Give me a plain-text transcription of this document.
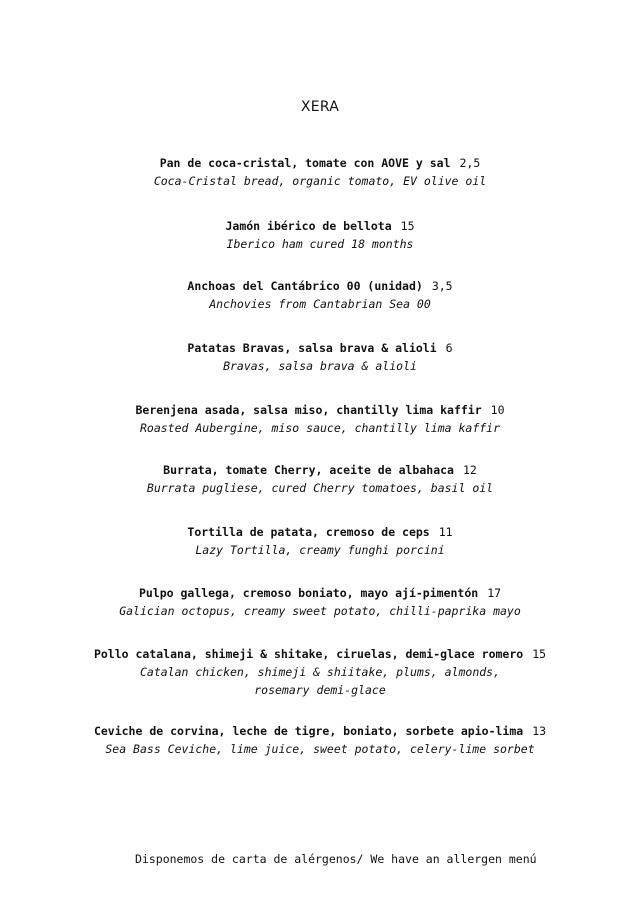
XERA
Pan de coca-cristal, tomate con AOVE y sal 2,5
Coca-Cristal bread, organic tomato, EV olive oil
Jamón ibérico de bellota 15
Iberico ham cured 18 months
Anchoas del Cantábrico 00 (unidad) 3,5
Anchovies from Cantabrian Sea 00
Patatas Bravas, salsa brava & alioli 6
Bravas, salsa brava & alioli
Berenjena asada, salsa miso, chantilly lima kaffir 10
Roasted Aubergine, miso sauce, chantilly lima kaffir
Burrata, tomate Cherry, aceite de albahaca 12
Burrata pugliese, cured Cherry tomatoes, basil oil
Tortilla de patata, cremoso de ceps 11
Lazy Tortilla, creamy funghi porcini
Pulpo gallega, cremoso boniato, mayo ají-pimentón 17
Galician octopus, creamy sweet potato, chilli-paprika mayo
Pollo catalana, shimeji & shitake, ciruelas, demi-glace romero 15
Catalan chicken, shimeji & shiitake, plums, almonds,
rosemary demi-glace
Ceviche de corvina, leche de tigre, boniato, sorbete apio-lima 13
Sea Bass Ceviche, lime juice, sweet potato, celery-lime sorbet
Disponemos de carta de alérgenos/ We have an allergen menú
